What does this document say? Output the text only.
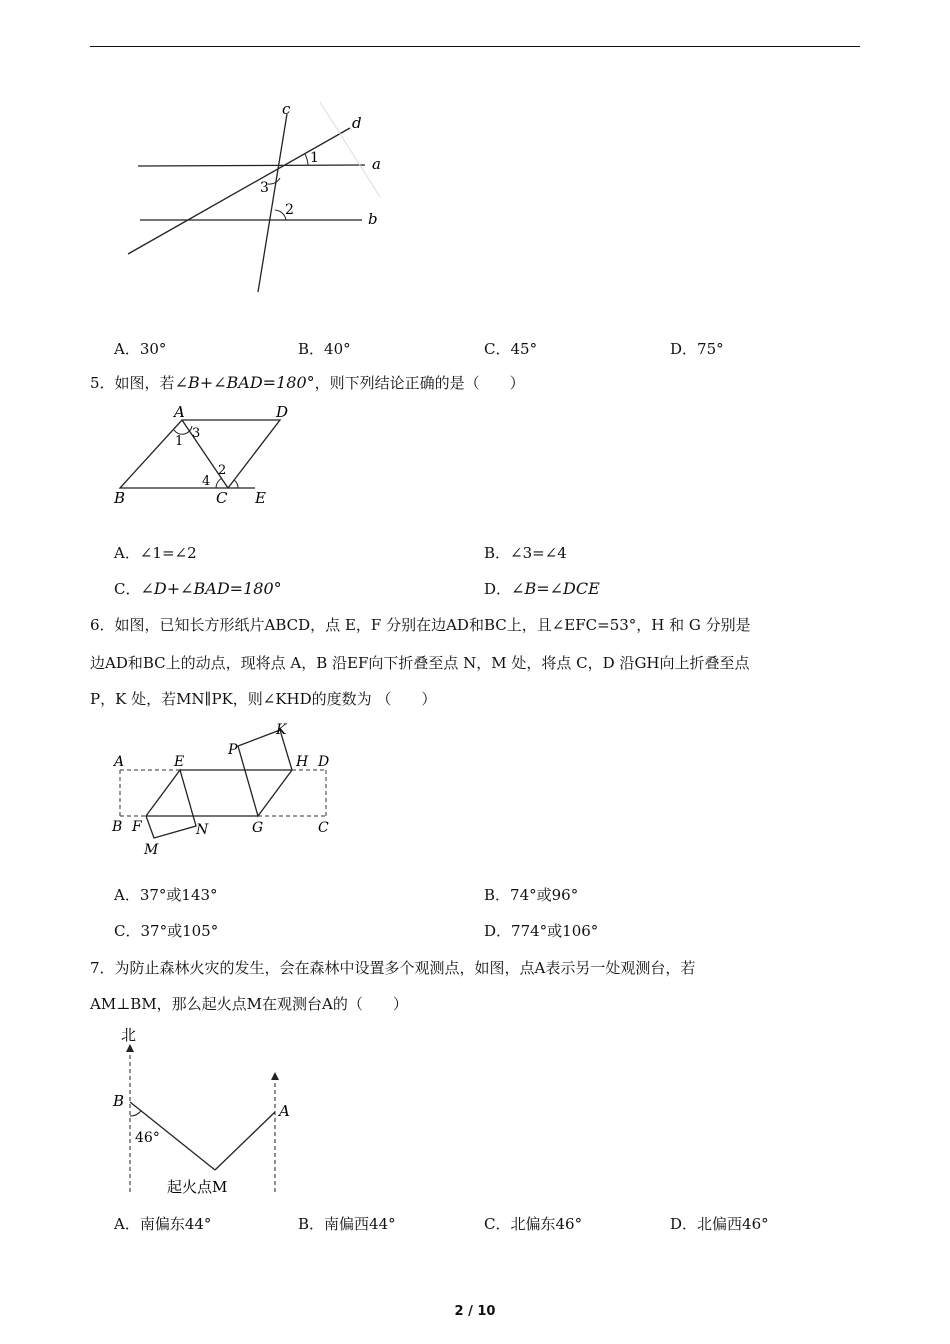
c
d
a
b
1
3
2
A．30°	B．40°	C．45°	D．75°
5．如图，若∠B+∠BAD=180°，则下列结论正确的是（　　）
A	D
B	C E
1
3
2
4
A．∠1=∠2	B．∠3=∠4
C．∠D+∠BAD=180°	D．∠B=∠DCE
6．如图，已知长方形纸片ABCD，点 E，F 分别在边AD和BC上，且∠EFC=53°，H 和 G 分别是
边AD和BC上的动点，现将点 A，B 沿EF向下折叠至点 N，M 处，将点 C，D 沿GH向上折叠至点
P，K 处，若MN∥PK，则∠KHD的度数为 （　　）
A	E
P
K
H D
B F	N	G	C
M
A．37°或143°	B．74°或96°
C．37°或105°	D．774°或106°
7．为防止森林火灾的发生，会在森林中设置多个观测点，如图，点A表示另一处观测台，若
AM⊥BM，那么起火点M在观测台A的（　　）
北
B
A
46°
起火点M
A．南偏东44°	B．南偏西44°	C．北偏东46°	D．北偏西46°
2 / 10
